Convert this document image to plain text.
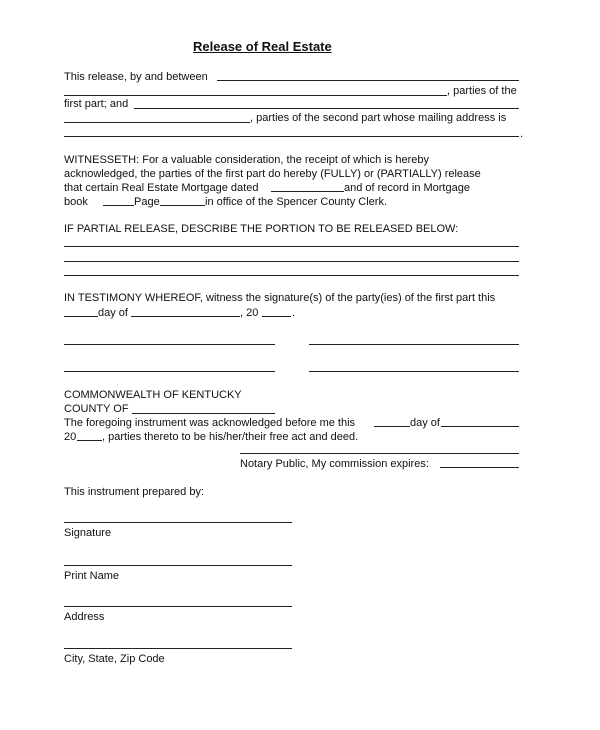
Release of Real Estate
This release, by and between
, parties of the
first part; and
, parties of the second part whose mailing address is
.
WITNESSETH: For a valuable consideration, the receipt of which is hereby
acknowledged, the parties of the first part do hereby (FULLY) or (PARTIALLY) release
that certain Real Estate Mortgage dated	and of record in Mortgage
book	Page	in office of the Spencer County Clerk.
IF PARTIAL RELEASE, DESCRIBE THE PORTION TO BE RELEASED BELOW:
IN TESTIMONY WHEREOF, witness the signature(s) of the party(ies) of the first part this
day of	, 20	.
COMMONWEALTH OF KENTUCKY
COUNTY OF
The foregoing instrument was acknowledged before me this	day of
20 , parties thereto to be his/her/their free act and deed.
Notary Public, My commission expires:
This instrument prepared by:
Signature
Print Name
Address
City, State, Zip Code
